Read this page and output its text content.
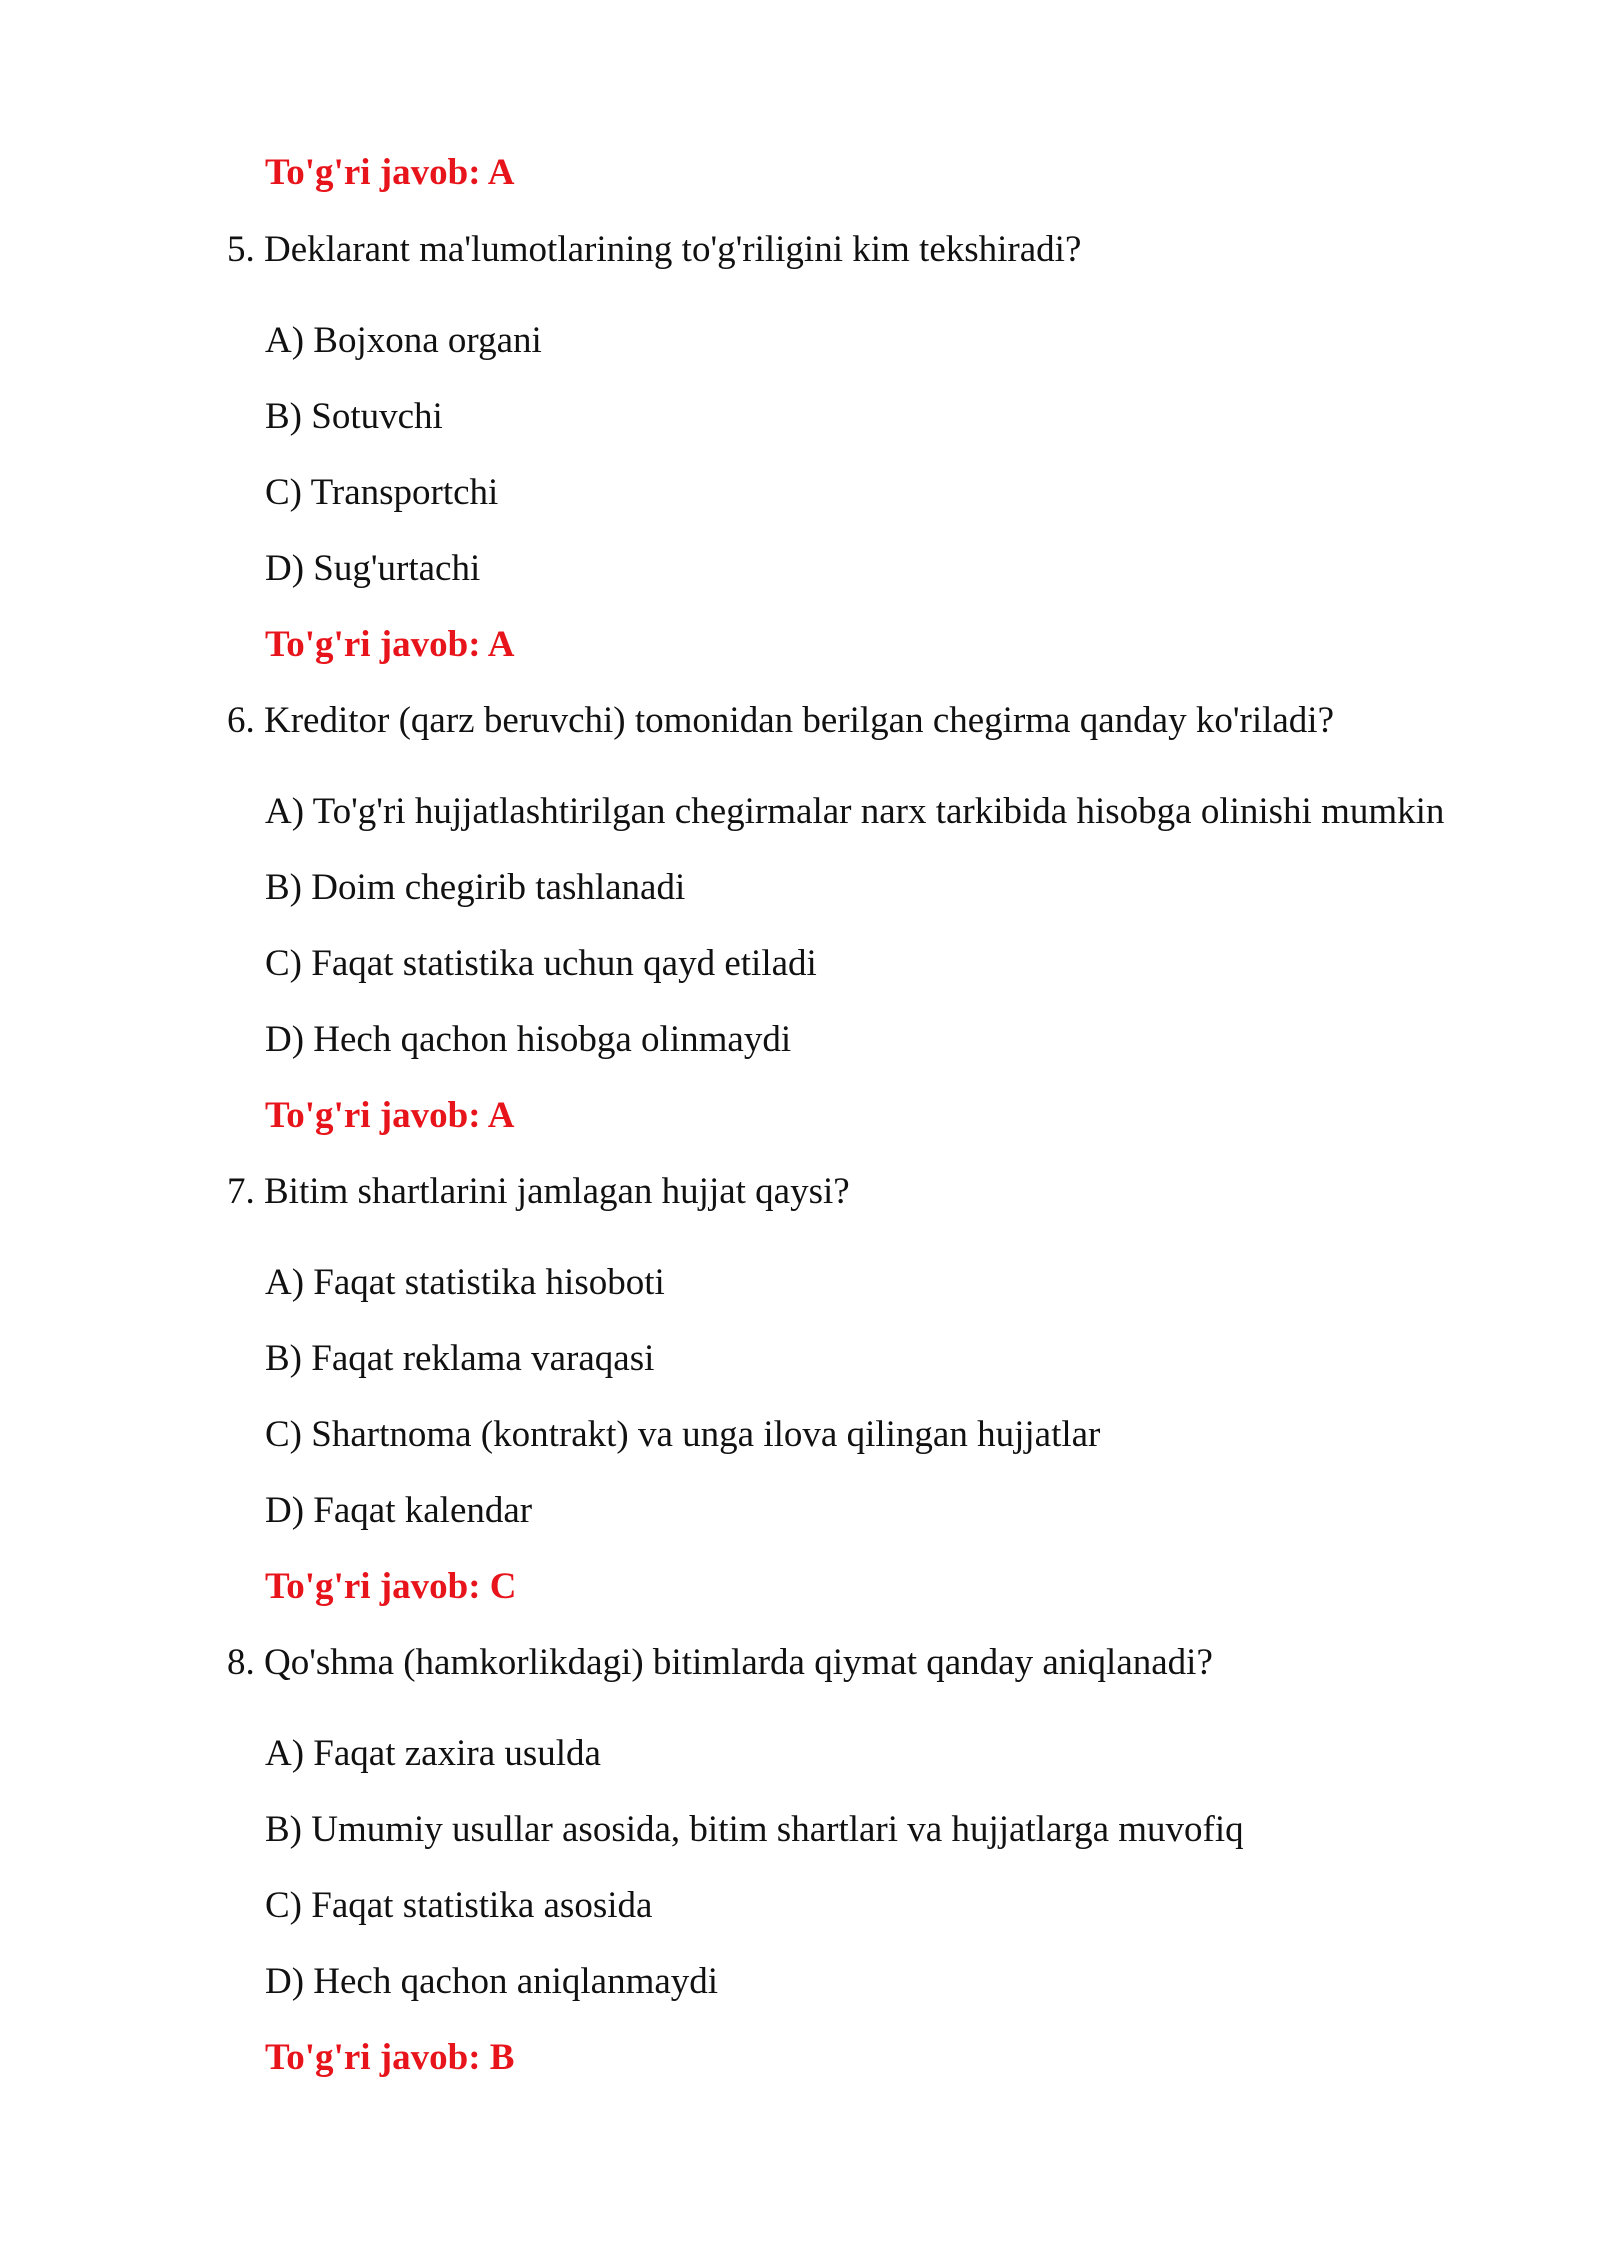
To'g'ri javob: A
5. Deklarant ma'lumotlarining to'g'riligini kim tekshiradi?
A) Bojxona organi
B) Sotuvchi
C) Transportchi
D) Sug'urtachi
To'g'ri javob: A
6. Kreditor (qarz beruvchi) tomonidan berilgan chegirma qanday ko'riladi?
A) To'g'ri hujjatlashtirilgan chegirmalar narx tarkibida hisobga olinishi mumkin
B) Doim chegirib tashlanadi
C) Faqat statistika uchun qayd etiladi
D) Hech qachon hisobga olinmaydi
To'g'ri javob: A
7. Bitim shartlarini jamlagan hujjat qaysi?
A) Faqat statistika hisoboti
B) Faqat reklama varaqasi
C) Shartnoma (kontrakt) va unga ilova qilingan hujjatlar
D) Faqat kalendar
To'g'ri javob: C
8. Qo'shma (hamkorlikdagi) bitimlarda qiymat qanday aniqlanadi?
A) Faqat zaxira usulda
B) Umumiy usullar asosida, bitim shartlari va hujjatlarga muvofiq
C) Faqat statistika asosida
D) Hech qachon aniqlanmaydi
To'g'ri javob: B
